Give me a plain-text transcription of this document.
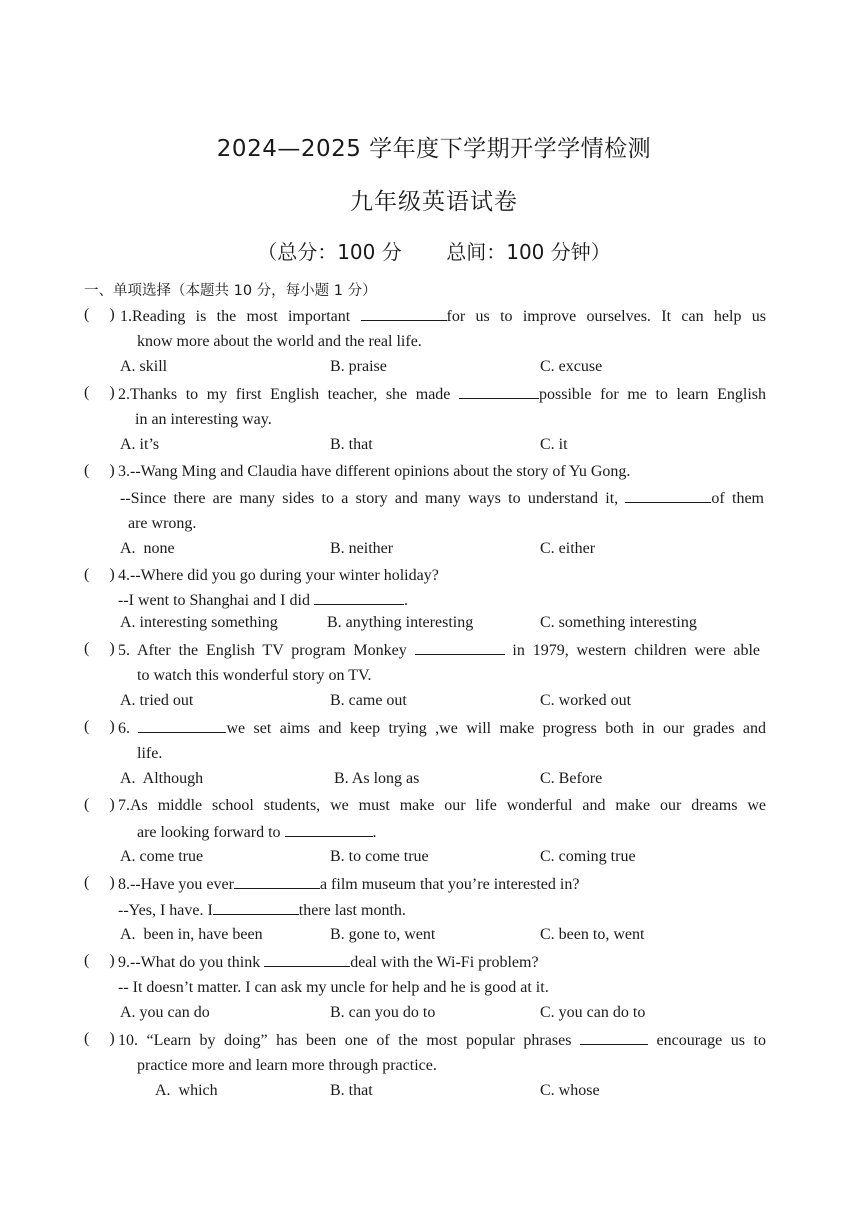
2024—2025 学年度下学期开学学情检测
九年级英语试卷
（总分：100 分       总间：100 分钟）
一、单项选择（本题共 10 分，每小题 1 分）
(     ) 1.Reading is the most important	for us to improve ourselves. It can help us
know more about the world and the real life.
A. skill	B. praise	C. excuse
(     ) 2.Thanks to my first English teacher, she made	possible for me to learn English
in an interesting way.
A. it’s	B. that	C. it
(     ) 3.--Wang Ming and Claudia have different opinions about the story of Yu Gong.
--Since there are many sides to a story and many ways to understand it,	of them
are wrong.
A.  none	B. neither	C. either
(     ) 4.--Where did you go during your winter holiday?
--I went to Shanghai and I did	.
A. interesting something	B. anything interesting	C. something interesting
(     ) 5. After the English TV program Monkey	in 1979, western children were able
to watch this wonderful story on TV.
A. tried out	B. came out	C. worked out
(     ) 6.	we set aims and keep trying ,we will make progress both in our grades and
life.
A.  Although	B. As long as	C. Before
(     ) 7.As middle school students, we must make our life wonderful and make our dreams we
are looking forward to	.
A. come true	B. to come true	C. coming true
(     ) 8.--Have you ever	a film museum that you’re interested in?
--Yes, I have. I	there last month.
A.  been in, have been	B. gone to, went	C. been to, went
(     ) 9.--What do you think	deal with the Wi-Fi problem?
-- It doesn’t matter. I can ask my uncle for help and he is good at it.
A. you can do	B. can you do to	C. you can do to
(     ) 10. “Learn by doing” has been one of the most popular phrases	encourage us to
practice more and learn more through practice.
A.  which	B. that	C. whose
